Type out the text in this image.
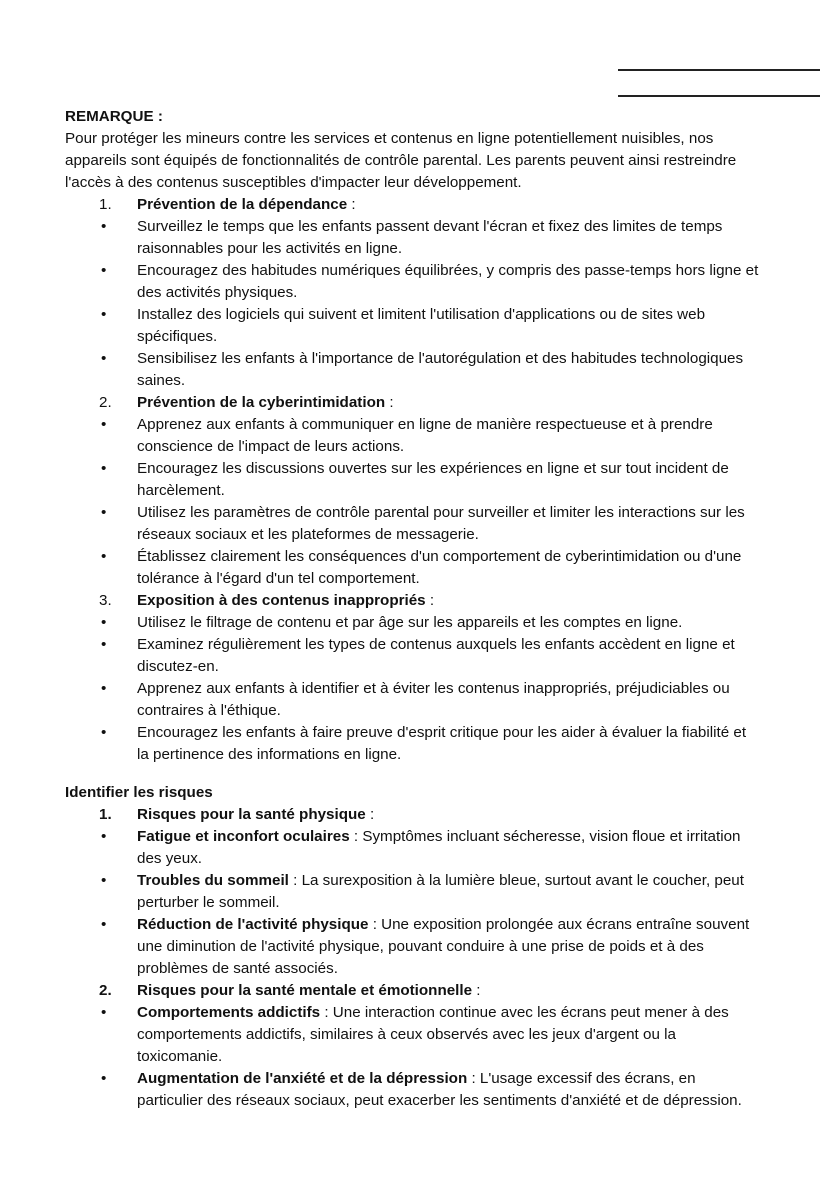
REMARQUE :
Pour protéger les mineurs contre les services et contenus en ligne potentiellement nuisibles, nos appareils sont équipés de fonctionnalités de contrôle parental. Les parents peuvent ainsi restreindre l'accès à des contenus susceptibles d'impacter leur développement.
1. Prévention de la dépendance :
• Surveillez le temps que les enfants passent devant l'écran et fixez des limites de temps raisonnables pour les activités en ligne.
• Encouragez des habitudes numériques équilibrées, y compris des passe-temps hors ligne et des activités physiques.
• Installez des logiciels qui suivent et limitent l'utilisation d'applications ou de sites web spécifiques.
• Sensibilisez les enfants à l'importance de l'autorégulation et des habitudes technologiques saines.
2. Prévention de la cyberintimidation :
• Apprenez aux enfants à communiquer en ligne de manière respectueuse et à prendre conscience de l'impact de leurs actions.
• Encouragez les discussions ouvertes sur les expériences en ligne et sur tout incident de harcèlement.
• Utilisez les paramètres de contrôle parental pour surveiller et limiter les interactions sur les réseaux sociaux et les plateformes de messagerie.
• Établissez clairement les conséquences d'un comportement de cyberintimidation ou d'une tolérance à l'égard d'un tel comportement.
3. Exposition à des contenus inappropriés :
• Utilisez le filtrage de contenu et par âge sur les appareils et les comptes en ligne.
• Examinez régulièrement les types de contenus auxquels les enfants accèdent en ligne et discutez-en.
• Apprenez aux enfants à identifier et à éviter les contenus inappropriés, préjudiciables ou contraires à l'éthique.
• Encouragez les enfants à faire preuve d'esprit critique pour les aider à évaluer la fiabilité et la pertinence des informations en ligne.
Identifier les risques
1. Risques pour la santé physique :
• Fatigue et inconfort oculaires : Symptômes incluant sécheresse, vision floue et irritation des yeux.
• Troubles du sommeil : La surexposition à la lumière bleue, surtout avant le coucher, peut perturber le sommeil.
• Réduction de l'activité physique : Une exposition prolongée aux écrans entraîne souvent une diminution de l'activité physique, pouvant conduire à une prise de poids et à des problèmes de santé associés.
2. Risques pour la santé mentale et émotionnelle :
• Comportements addictifs : Une interaction continue avec les écrans peut mener à des comportements addictifs, similaires à ceux observés avec les jeux d'argent ou la toxicomanie.
• Augmentation de l'anxiété et de la dépression : L'usage excessif des écrans, en particulier des réseaux sociaux, peut exacerber les sentiments d'anxiété et de dépression.
